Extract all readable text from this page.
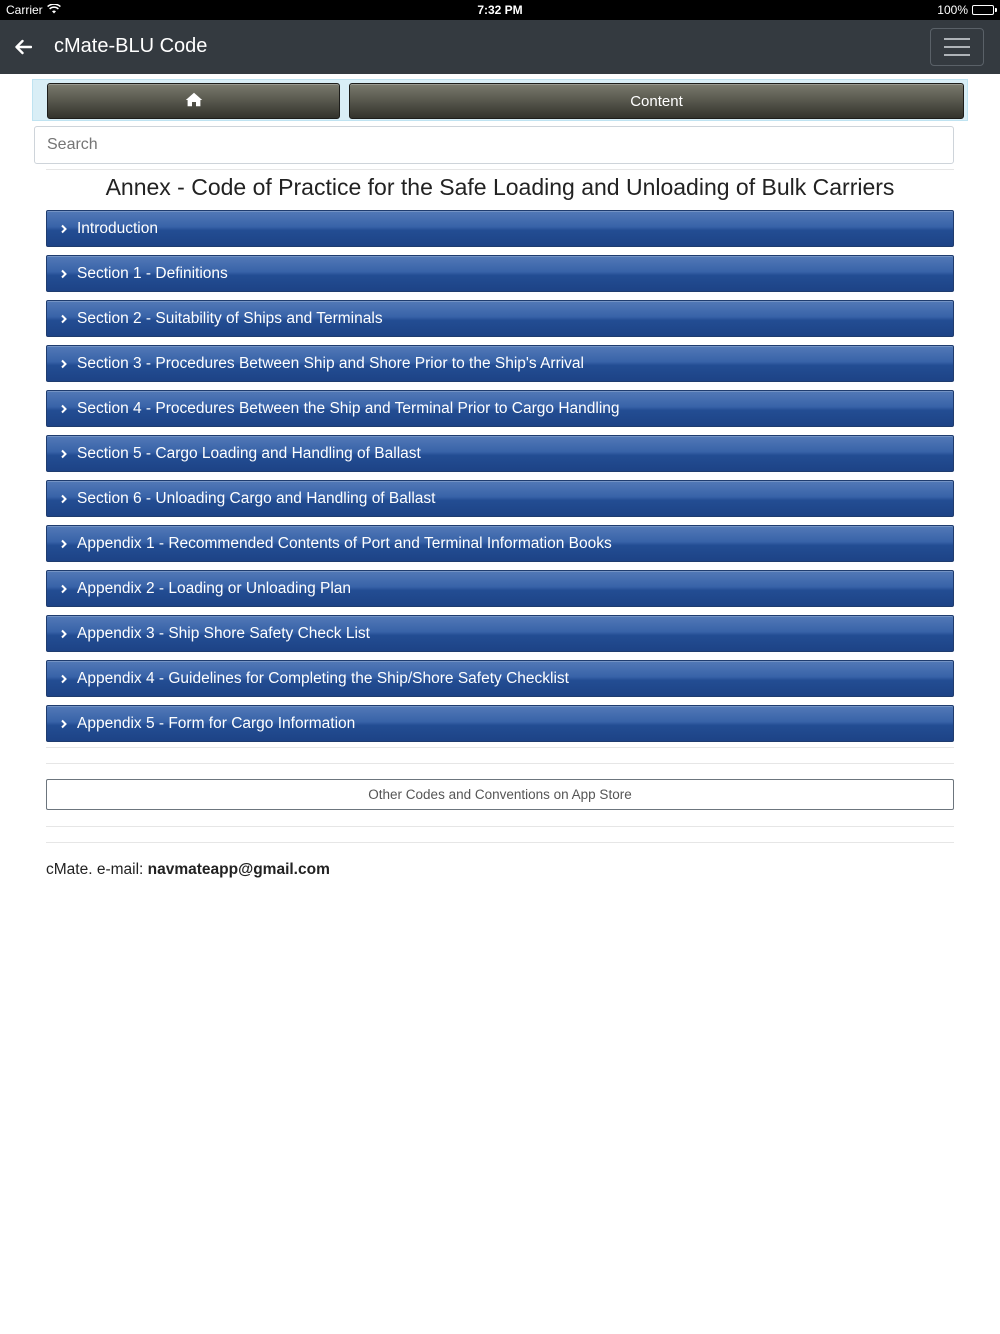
Carrier	7:32 PM	100%
cMate-BLU Code
Content
Search
Annex - Code of Practice for the Safe Loading and Unloading of Bulk Carriers
Introduction
Section 1 - Definitions
Section 2 - Suitability of Ships and Terminals
Section 3 - Procedures Between Ship and Shore Prior to the Ship's Arrival
Section 4 - Procedures Between the Ship and Terminal Prior to Cargo Handling
Section 5 - Cargo Loading and Handling of Ballast
Section 6 - Unloading Cargo and Handling of Ballast
Appendix 1 - Recommended Contents of Port and Terminal Information Books
Appendix 2 - Loading or Unloading Plan
Appendix 3 - Ship Shore Safety Check List
Appendix 4 - Guidelines for Completing the Ship/Shore Safety Checklist
Appendix 5 - Form for Cargo Information
Other Codes and Conventions on App Store
cMate. e-mail: navmateapp@gmail.com
